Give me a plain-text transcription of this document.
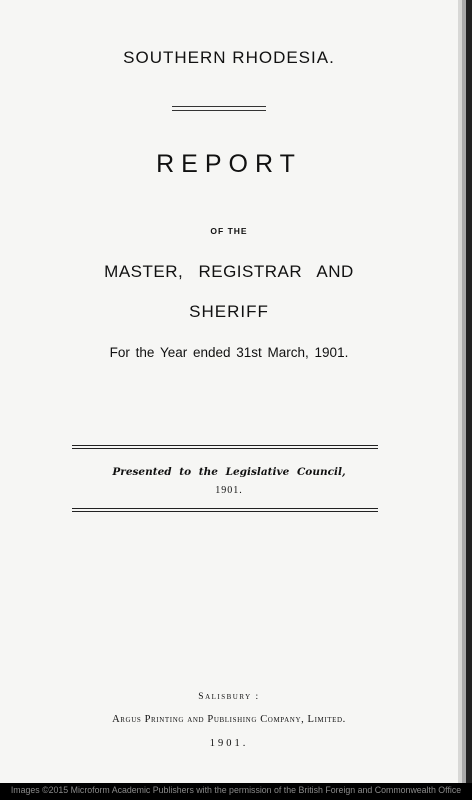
SOUTHERN RHODESIA.
REPORT
OF THE
MASTER, REGISTRAR AND
SHERIFF
For the Year ended 31st March, 1901.
Presented to the Legislative Council,
1901.
Salisbury :
Argus Printing and Publishing Company, Limited.
1901.
Images ©2015 Microform Academic Publishers with the permission of the British Foreign and Commonwealth Office
